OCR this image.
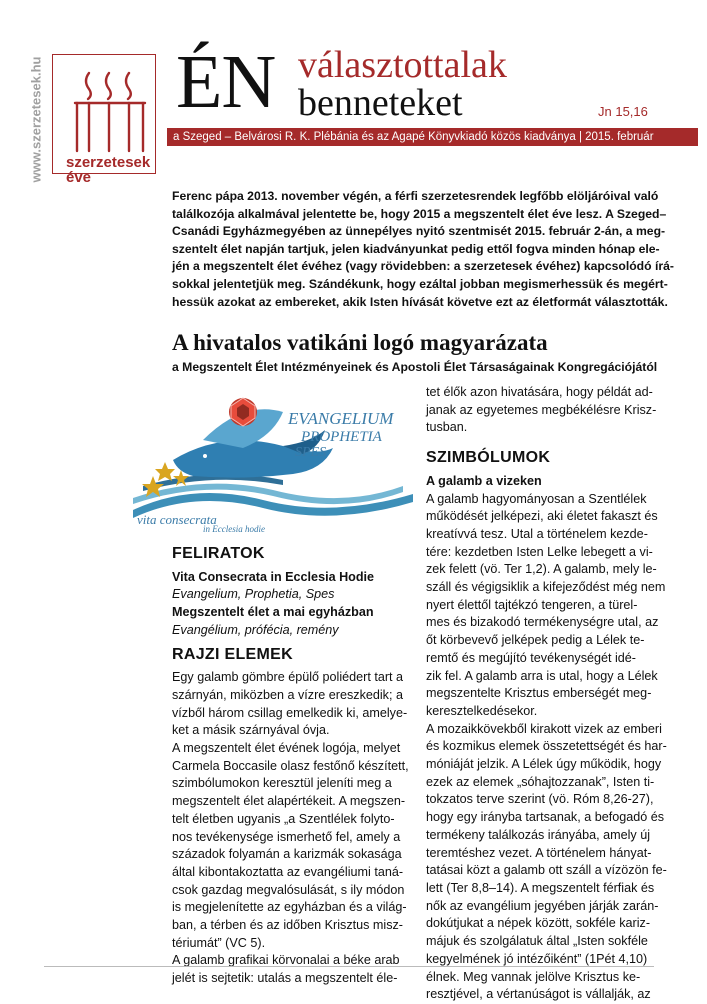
www.szerzetesek.hu szerzetesek
éve
ÉN választottalak
benneteket	Jn 15,16
a Szeged – Belvárosi R. K. Plébánia és az Agapé Könyvkiadó közös kiadványa | 2015. február
Ferenc pápa 2013. november végén, a férfi szerzetesrendek legfőbb elöljáróival való
találkozója alkalmával jelentette be, hogy 2015 a megszentelt élet éve lesz. A Szeged–
Csanádi Egyházmegyében az ünnepélyes nyitó szentmisét 2015. február 2-án, a meg-
szentelt élet napján tartjuk, jelen kiadványunkat pedig ettől fogva minden hónap ele-
jén a megszentelt élet évéhez (vagy rövidebben: a szerzetesek évéhez) kapcsolódó írá-
sokkal jelentetjük meg. Szándékunk, hogy ezáltal jobban megismerhessük és megért-
hessük azokat az embereket, akik Isten hívását követve ezt az életformát választották.
A hivatalos vatikáni logó magyarázata
a Megszentelt Élet Intézményeinek és Apostoli Élet Társaságainak Kongregációjától
EVANGELIUM
PROPHETIA
SPES
vita consecrata
in Ecclesia hodie
FELIRATOK
Vita Consecrata in Ecclesia Hodie
Evangelium, Prophetia, Spes
Megszentelt élet a mai egyházban
Evangélium, prófécia, remény
RAJZI ELEMEK
Egy galamb gömbre épülő poliédert tart a
szárnyán, miközben a vízre ereszkedik; a
vízből három csillag emelkedik ki, amelye-
ket a másik szárnyával óvja.
A megszentelt élet évének logója, melyet
Carmela Boccasile olasz festőnő készített,
szimbólumokon keresztül jeleníti meg a
megszentelt élet alapértékeit. A megszen-
telt életben ugyanis „a Szentlélek folyto-
nos tevékenysége ismerhető fel, amely a
századok folyamán a karizmák sokasága
által kibontakoztatta az evangéliumi taná-
csok gazdag megvalósulását, s ily módon
is megjelenítette az egyházban és a világ-
ban, a térben és az időben Krisztus misz-
tériumát” (VC 5).
A galamb grafikai körvonalai a béke arab
jelét is sejtetik: utalás a megszentelt éle-
tet élők azon hivatására, hogy példát ad-
janak az egyetemes megbékélésre Krisz-
tusban.
SZIMBÓLUMOK
A galamb a vizeken
A galamb hagyományosan a Szentlélek
működését jelképezi, aki életet fakaszt és
kreatívvá tesz. Utal a történelem kezde-
tére: kezdetben Isten Lelke lebegett a vi-
zek felett (vö. Ter 1,2). A galamb, mely le-
száll és végigsiklik a kifejeződést még nem
nyert élettől tajtékzó tengeren, a türel-
mes és bizakodó termékenységre utal, az
őt körbevevő jelképek pedig a Lélek te-
remtő és megújító tevékenységét idé-
zik fel. A galamb arra is utal, hogy a Lélek
megszentelte Krisztus emberségét meg-
keresztelkedésekor.
A mozaikkövekből kirakott vizek az emberi
és kozmikus elemek összetettségét és har-
móniáját jelzik. A Lélek úgy működik, hogy
ezek az elemek „sóhajtozzanak”, Isten ti-
tokzatos terve szerint (vö. Róm 8,26-27),
hogy egy irányba tartsanak, a befogadó és
termékeny találkozás irányába, amely új
teremtéshez vezet. A történelem hányat-
tatásai közt a galamb ott száll a vízözön fe-
lett (Ter 8,8–14). A megszentelt férfiak és
nők az evangélium jegyében járják zarán-
dokútjukat a népek között, sokféle kariz-
májuk és szolgálatuk által „Isten sokféle
kegyelmének jó intézőiként” (1Pét 4,10)
élnek. Meg vannak jelölve Krisztus ke-
resztjével, a vértanúságot is vállalják, az
